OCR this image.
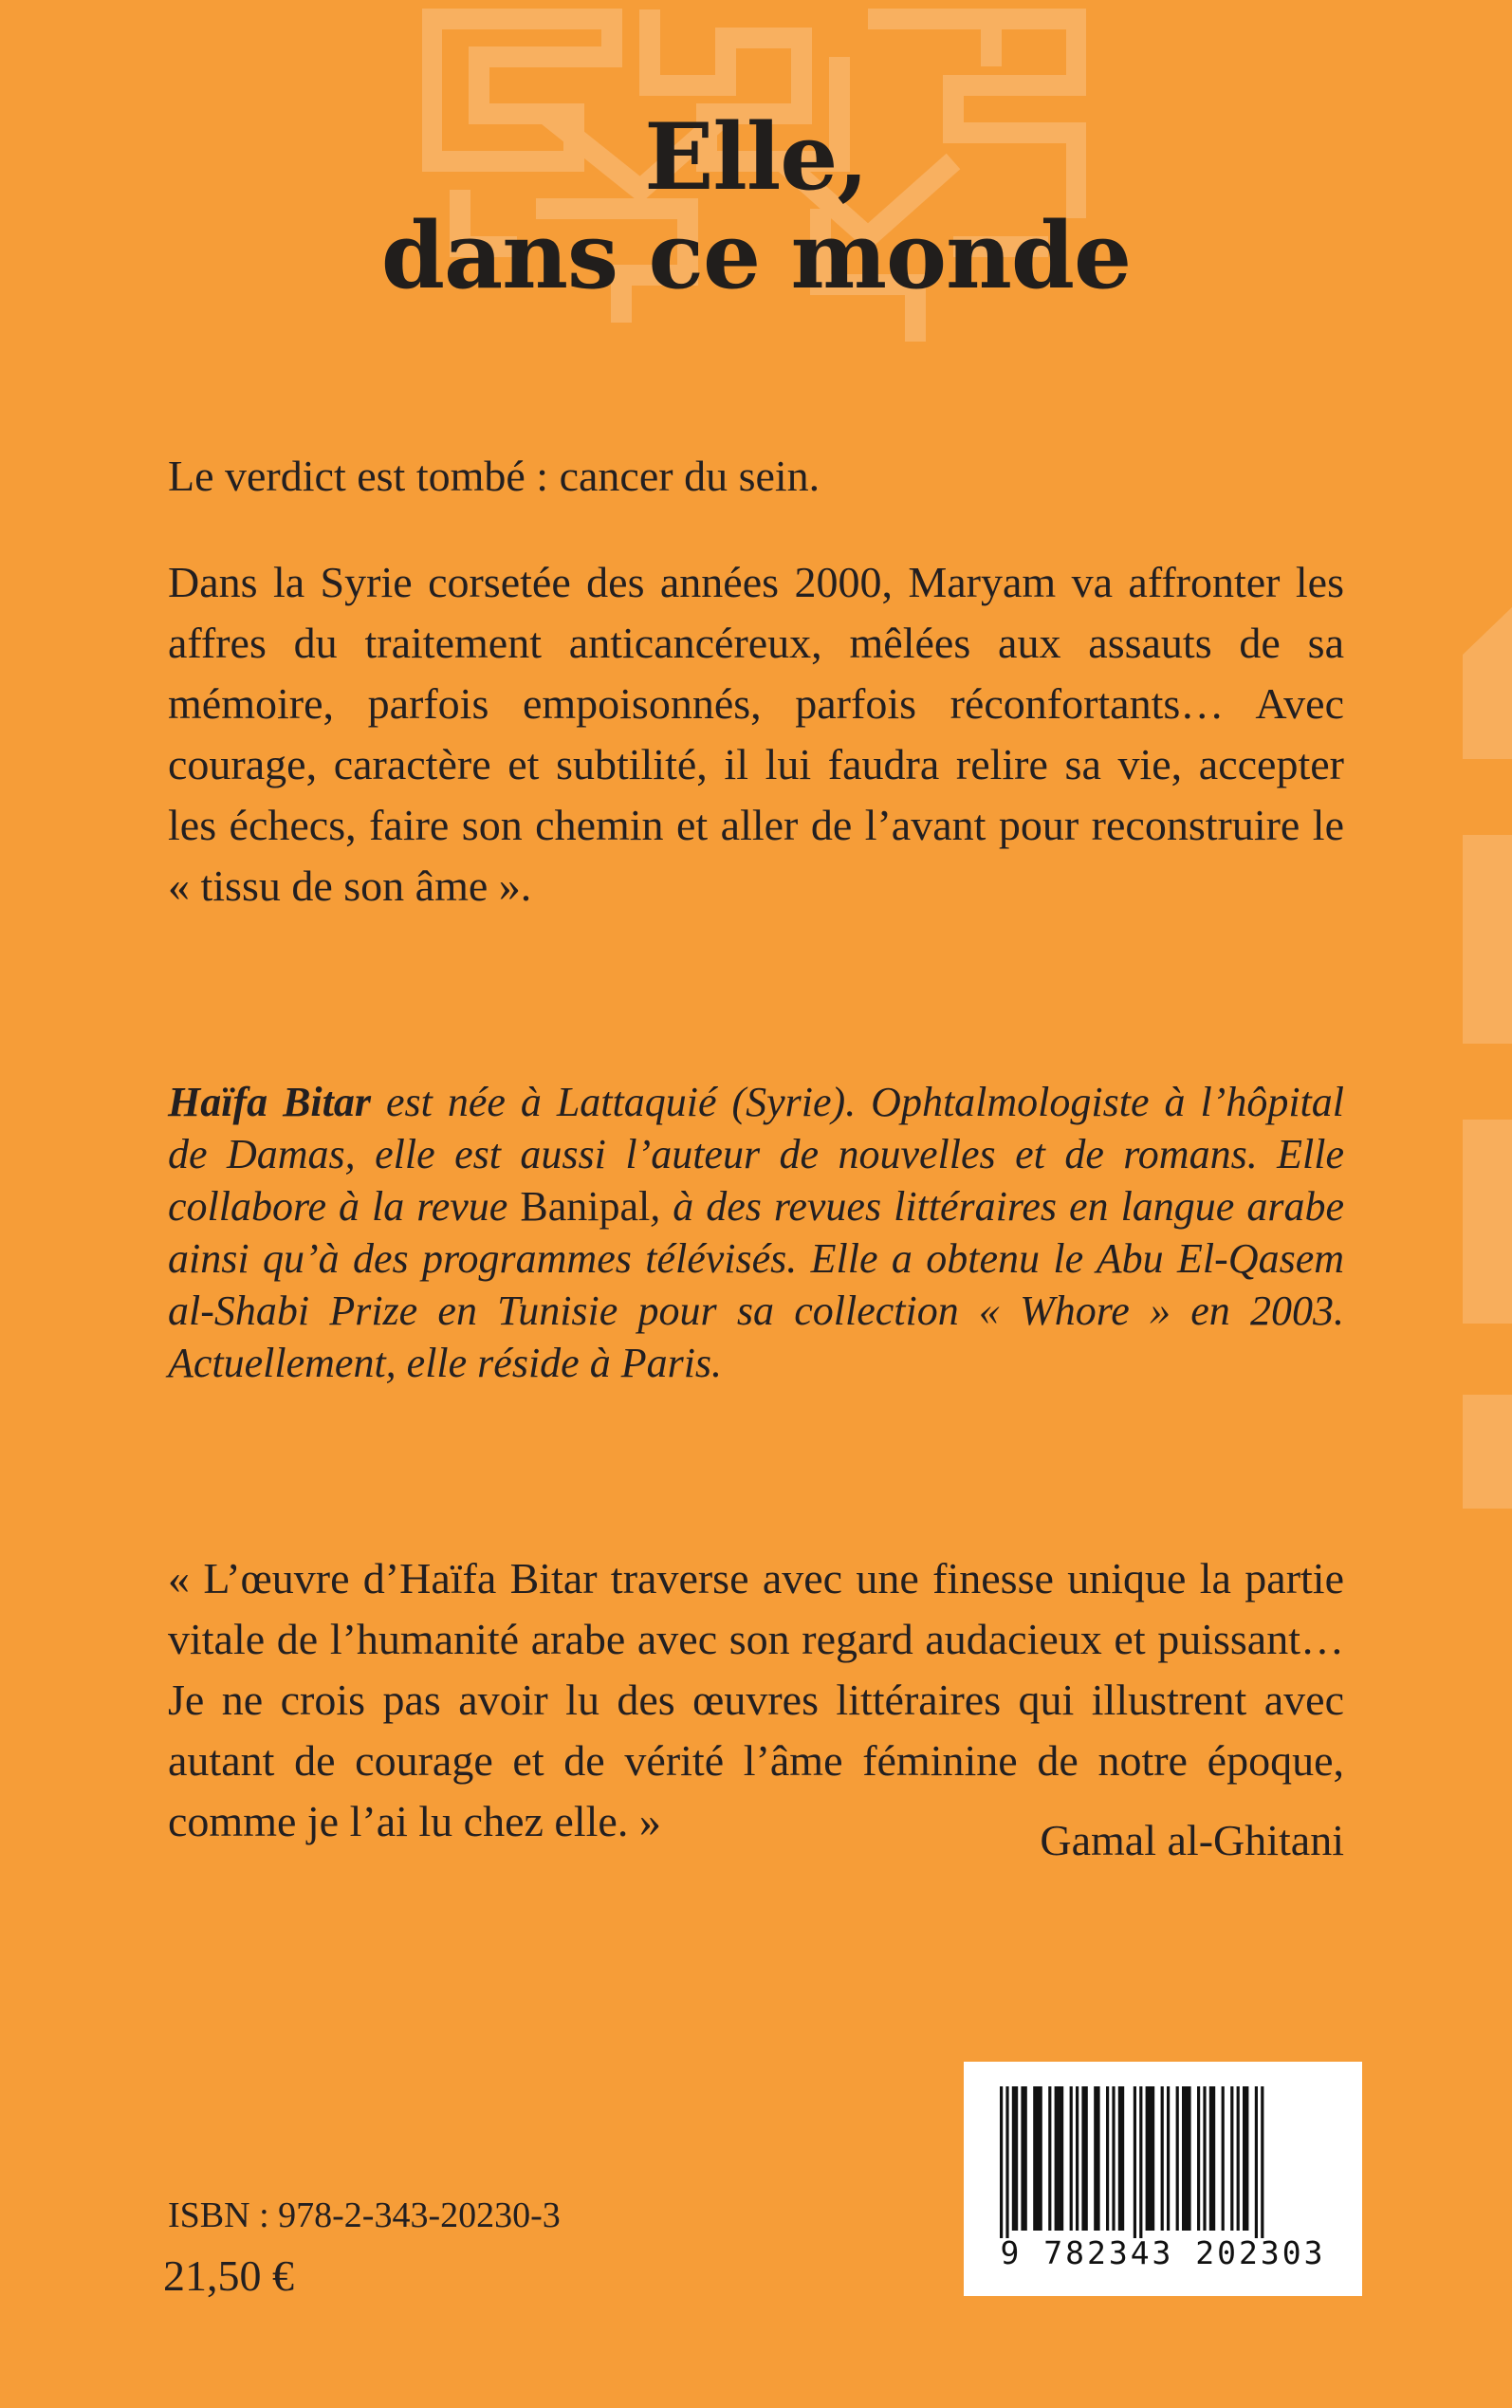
Elle,
dans ce monde

Le verdict est tombé : cancer du sein.

Dans la Syrie corsetée des années 2000, Maryam va affronter les affres du traitement anticancéreux, mêlées aux assauts de sa mémoire, parfois empoisonnés, parfois réconfortants… Avec courage, caractère et subtilité, il lui faudra relire sa vie, accepter les échecs, faire son chemin et aller de l’avant pour reconstruire le « tissu de son âme ».

Haïfa Bitar est née à Lattaquié (Syrie). Ophtalmologiste à l’hôpital de Damas, elle est aussi l’auteur de nouvelles et de romans. Elle collabore à la revue Banipal, à des revues littéraires en langue arabe ainsi qu’à des programmes télévisés. Elle a obtenu le Abu El-Qasem al-Shabi Prize en Tunisie pour sa collection « Whore » en 2003. Actuellement, elle réside à Paris.

« L’œuvre d’Haïfa Bitar traverse avec une finesse unique la partie vitale de l’humanité arabe avec son regard audacieux et puissant… Je ne crois pas avoir lu des œuvres littéraires qui illustrent avec autant de courage et de vérité l’âme féminine de notre époque, comme je l’ai lu chez elle. »	Gamal al-Ghitani

ISBN : 978-2-343-20230-3
21,50 €	9 782343 202303
